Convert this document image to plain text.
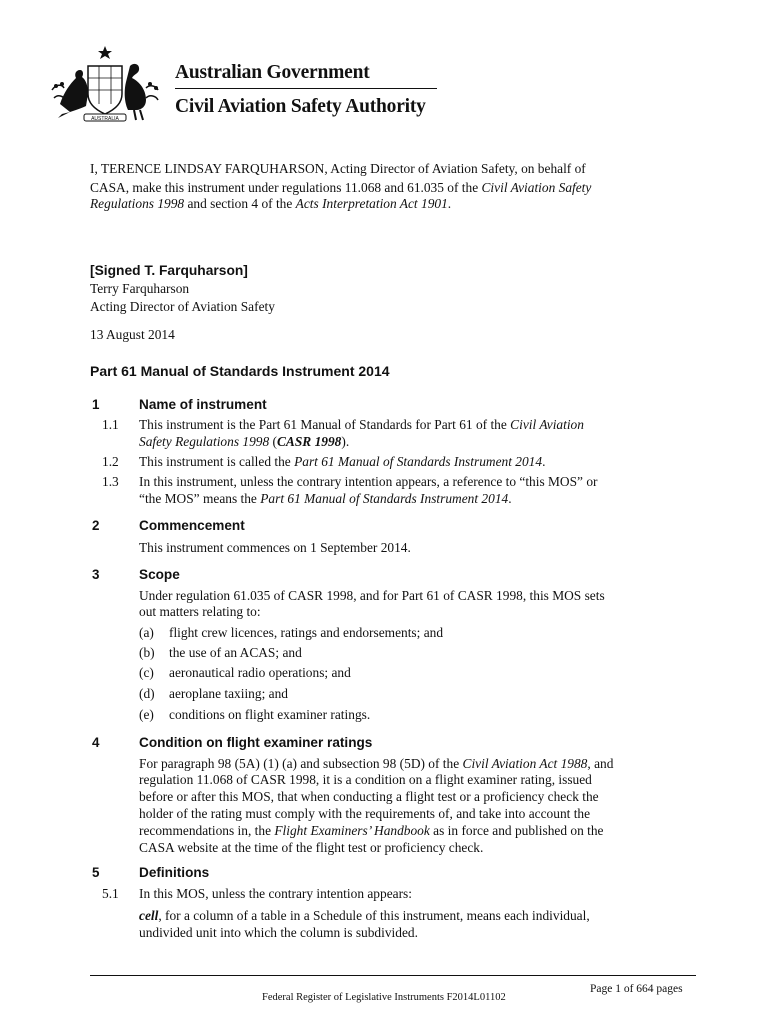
AUSTRALIA
Australian Government
Civil Aviation Safety Authority
I, TERENCE LINDSAY FARQUHARSON, Acting Director of Aviation Safety, on behalf of
CASA, make this instrument under regulations 11.068 and 61.035 of the Civil Aviation Safety
Regulations 1998 and section 4 of the Acts Interpretation Act 1901.
[Signed T. Farquharson]
Terry Farquharson
Acting Director of Aviation Safety
13 August 2014
Part 61 Manual of Standards Instrument 2014
1	Name of instrument
1.1 This instrument is the Part 61 Manual of Standards for Part 61 of the Civil Aviation
Safety Regulations 1998 (CASR 1998).
1.2 This instrument is called the Part 61 Manual of Standards Instrument 2014.
1.3 In this instrument, unless the contrary intention appears, a reference to “this MOS” or
“the MOS” means the Part 61 Manual of Standards Instrument 2014.
2	Commencement
This instrument commences on 1 September 2014.
3	Scope
Under regulation 61.035 of CASR 1998, and for Part 61 of CASR 1998, this MOS sets
out matters relating to:
(a) flight crew licences, ratings and endorsements; and
(b) the use of an ACAS; and
(c) aeronautical radio operations; and
(d) aeroplane taxiing; and
(e) conditions on flight examiner ratings.
4	Condition on flight examiner ratings
For paragraph 98 (5A) (1) (a) and subsection 98 (5D) of the Civil Aviation Act 1988, and
regulation 11.068 of CASR 1998, it is a condition on a flight examiner rating, issued
before or after this MOS, that when conducting a flight test or a proficiency check the
holder of the rating must comply with the requirements of, and take into account the
recommendations in, the Flight Examiners’ Handbook as in force and published on the
CASA website at the time of the flight test or proficiency check.
5	Definitions
5.1 In this MOS, unless the contrary intention appears:
cell, for a column of a table in a Schedule of this instrument, means each individual,
undivided unit into which the column is subdivided.
Page 1 of 664 pages
Federal Register of Legislative Instruments F2014L01102
